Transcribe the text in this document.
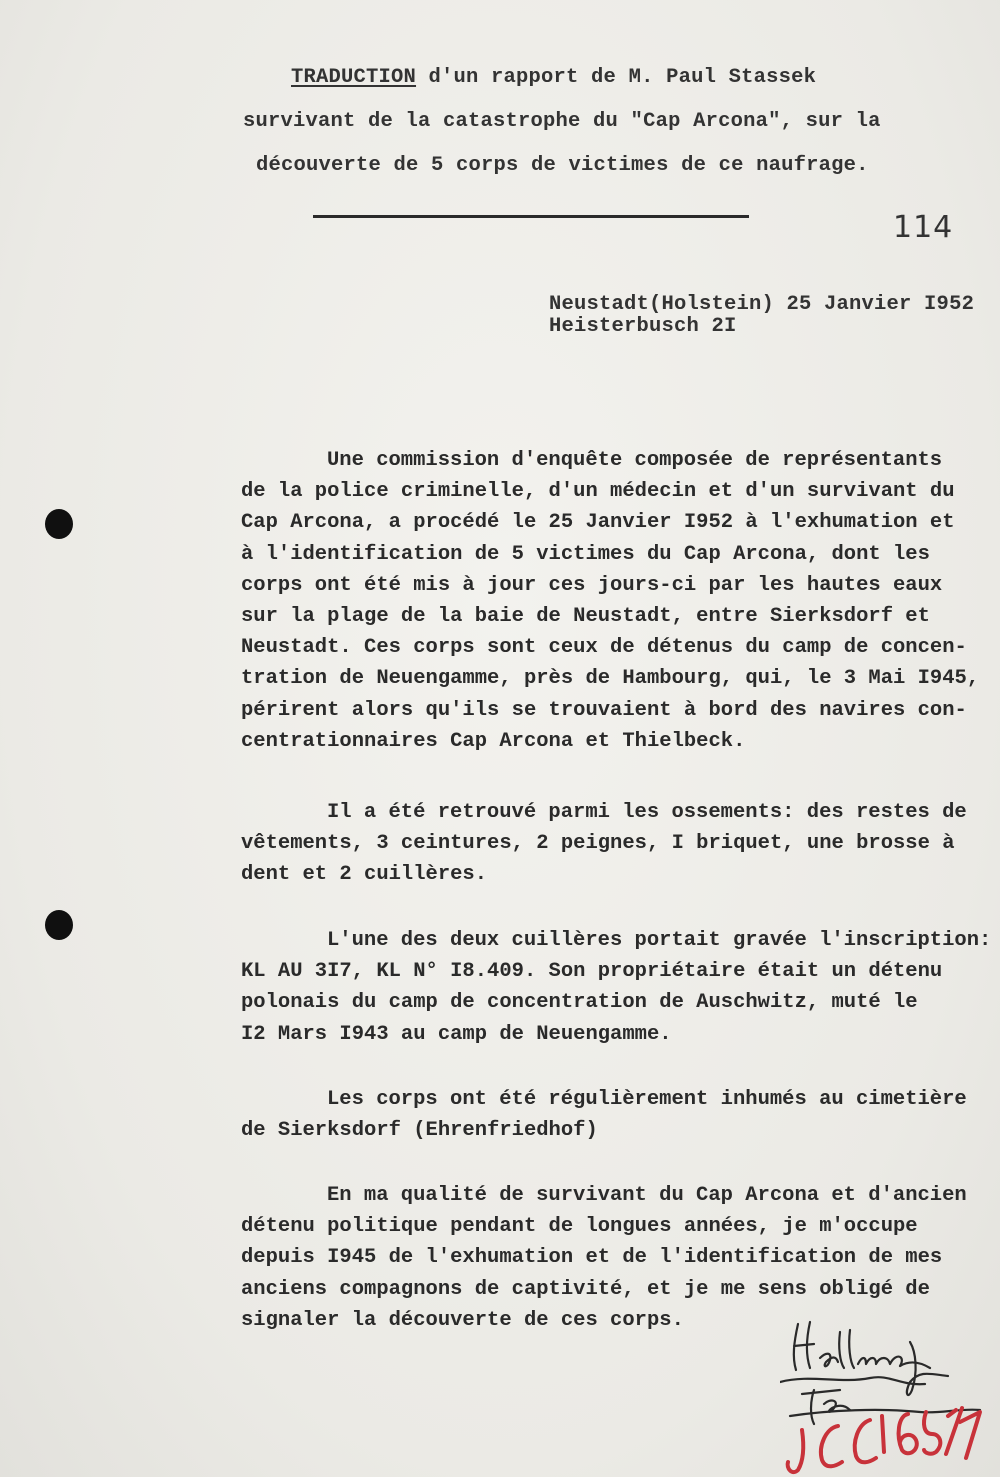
TRADUCTION d'un rapport de M. Paul Stassek
survivant de la catastrophe du "Cap Arcona", sur la
découverte de 5 corps de victimes de ce naufrage.
114
Neustadt(Holstein) 25 Janvier I952
Heisterbusch 2I
Une commission d'enquête composée de représentants
de la police criminelle, d'un médecin et d'un survivant du
Cap Arcona, a procédé le 25 Janvier I952 à l'exhumation et
à l'identification de 5 victimes du Cap Arcona, dont les
corps ont été mis à jour ces jours-ci par les hautes eaux
sur la plage de la baie de Neustadt, entre Sierksdorf et
Neustadt. Ces corps sont ceux de détenus du camp de concen-
tration de Neuengamme, près de Hambourg, qui, le 3 Mai I945,
périrent alors qu'ils se trouvaient à bord des navires con-
centrationnaires Cap Arcona et Thielbeck.
Il a été retrouvé parmi les ossements: des restes de
vêtements, 3 ceintures, 2 peignes, I briquet, une brosse à
dent et 2 cuillères.
L'une des deux cuillères portait gravée l'inscription:
KL AU 3I7, KL N° I8.409. Son propriétaire était un détenu
polonais du camp de concentration de Auschwitz, muté le
I2 Mars I943 au camp de Neuengamme.
Les corps ont été régulièrement inhumés au cimetière
de Sierksdorf (Ehrenfriedhof)
En ma qualité de survivant du Cap Arcona et d'ancien
détenu politique pendant de longues années, je m'occupe
depuis I945 de l'exhumation et de l'identification de mes
anciens compagnons de captivité, et je me sens obligé de
signaler la découverte de ces corps.
